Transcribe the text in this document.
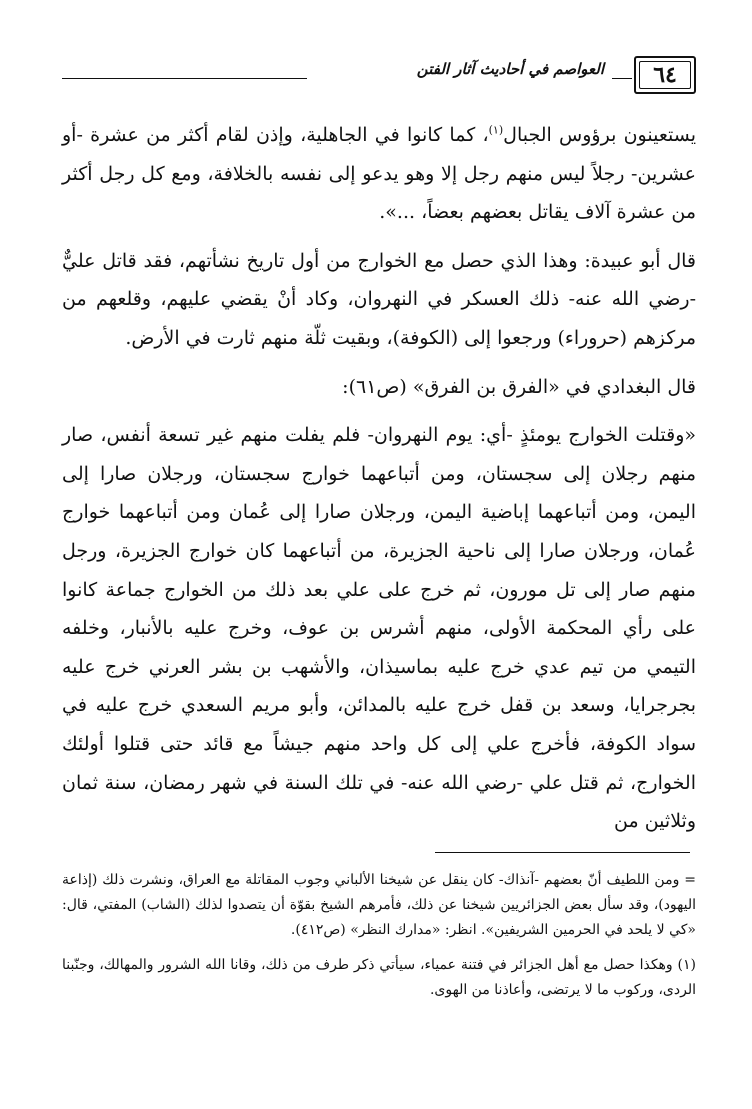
٦٤
العواصم في أحاديث آثار الفتن

يستعينون برؤوس الجبال$^{(١)}$، كما كانوا في الجاهلية، وإذن لقام أكثر من عشرة -أو عشرين- رجلاً ليس منهم رجل إلا وهو يدعو إلى نفسه بالخلافة، ومع كل رجل أكثر من عشرة آلاف يقاتل بعضهم بعضاً، ...».

قال أبو عبيدة: وهذا الذي حصل مع الخوارج من أول تاريخ نشأتهم، فقد قاتل عليٌّ -رضي الله عنه- ذلك العسكر في النهروان، وكاد أنْ يقضي عليهم، وقلعهم من مركزهم (حروراء) ورجعوا إلى (الكوفة)، وبقيت ثلّة منهم ثارت في الأرض.

قال البغدادي في «الفرق بن الفرق» (ص٦١):

«وقتلت الخوارج يومئذٍ -أي: يوم النهروان- فلم يفلت منهم غير تسعة أنفس، صار منهم رجلان إلى سجستان، ومن أتباعهما خوارج سجستان، ورجلان صارا إلى اليمن، ومن أتباعهما إباضية اليمن، ورجلان صارا إلى عُمان ومن أتباعهما خوارج عُمان، ورجلان صارا إلى ناحية الجزيرة، من أتباعهما كان خوارج الجزيرة، ورجل منهم صار إلى تل مورون، ثم خرج على علي بعد ذلك من الخوارج جماعة كانوا على رأي المحكمة الأولى، منهم أشرس بن عوف، وخرج عليه بالأنبار، وخلفه التيمي من تيم عدي خرج عليه بماسيذان، والأشهب بن بشر العرني خرج عليه بجرجرايا، وسعد بن قفل خرج عليه بالمدائن، وأبو مريم السعدي خرج عليه في سواد الكوفة، فأخرج علي إلى كل واحد منهم جيشاً مع قائد حتى قتلوا أولئك الخوارج، ثم قتل علي -رضي الله عنه- في تلك السنة في شهر رمضان، سنة ثمان وثلاثين من

= ومن اللطيف أنّ بعضهم -آنذاك- كان ينقل عن شيخنا الألباني وجوب المقاتلة مع العراق، ونشرت ذلك (إذاعة اليهود)، وقد سأل بعض الجزائريين شيخنا عن ذلك، فأمرهم الشيخ بقوّة أن يتصدوا لذلك (الشاب) المفتي، قال: «كي لا يلحد في الحرمين الشريفين». انظر: «مدارك النظر» (ص٤١٢).

(١) وهكذا حصل مع أهل الجزائر في فتنة عمياء، سيأتي ذكر طرف من ذلك، وقانا الله الشرور والمهالك، وجنّبنا الردى، وركوب ما لا يرتضى، وأعاذنا من الهوى.
